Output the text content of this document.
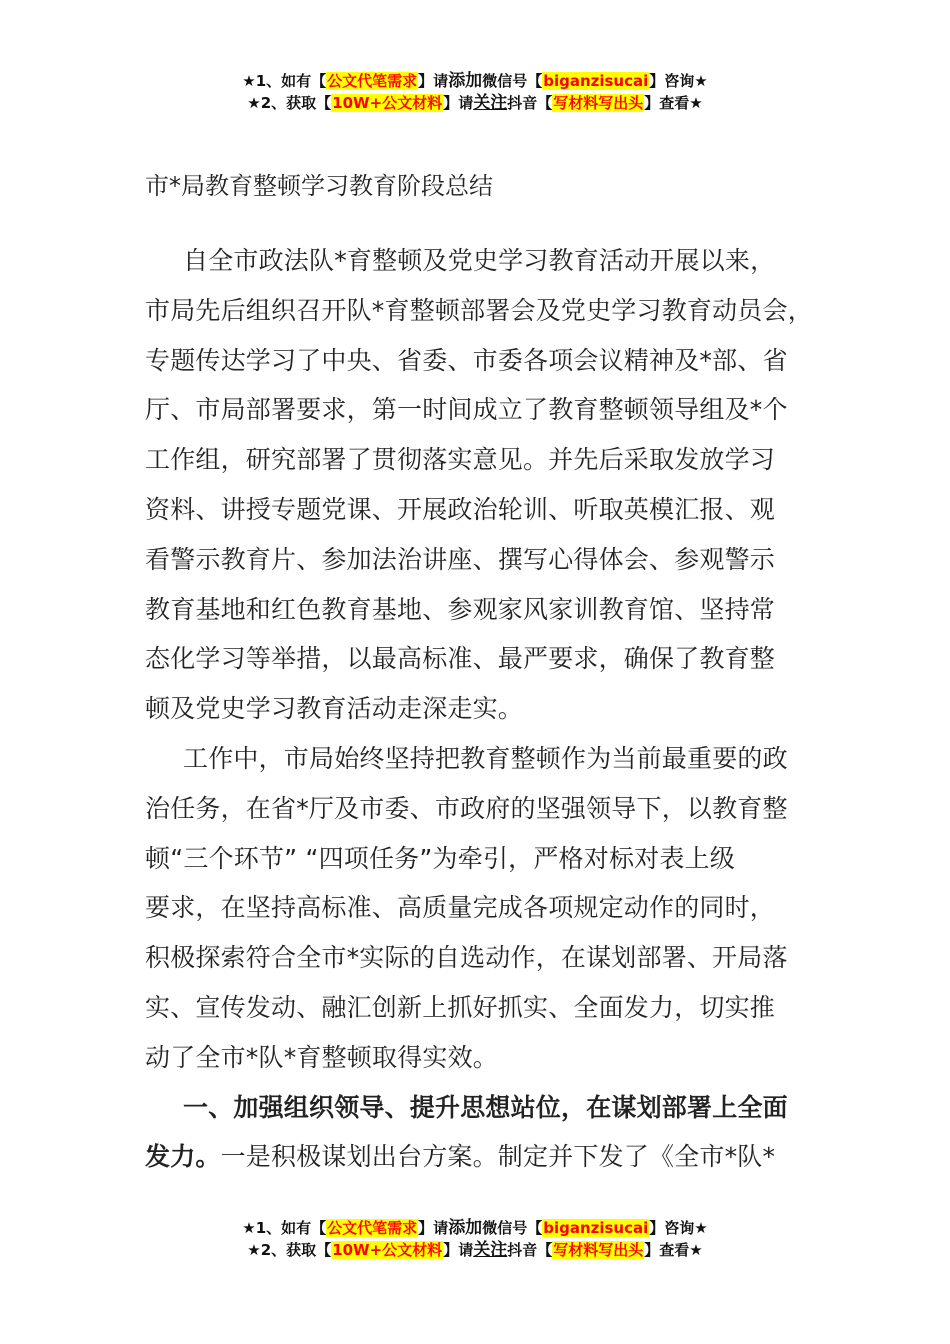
★1、如有【公文代笔需求】请添加微信号【biganzisucai】咨询★
★2、获取【10W+公文材料】请关注抖音【写材料写出头】查看★
市*局教育整顿学习教育阶段总结
自全市政法队*育整顿及党史学习教育活动开展以来，
市局先后组织召开队*育整顿部署会及党史学习教育动员会，
专题传达学习了中央、省委、市委各项会议精神及*部、省
厅、市局部署要求，第一时间成立了教育整顿领导组及*个
工作组，研究部署了贯彻落实意见。并先后采取发放学习
资料、讲授专题党课、开展政治轮训、听取英模汇报、观
看警示教育片、参加法治讲座、撰写心得体会、参观警示
教育基地和红色教育基地、参观家风家训教育馆、坚持常
态化学习等举措，以最高标准、最严要求，确保了教育整
顿及党史学习教育活动走深走实。
工作中，市局始终坚持把教育整顿作为当前最重要的政
治任务，在省*厅及市委、市政府的坚强领导下，以教育整
顿“三个环节” “四项任务”为牵引，严格对标对表上级
要求，在坚持高标准、高质量完成各项规定动作的同时，
积极探索符合全市*实际的自选动作，在谋划部署、开局落
实、宣传发动、融汇创新上抓好抓实、全面发力，切实推
动了全市*队*育整顿取得实效。
一、加强组织领导、提升思想站位，在谋划部署上全面
发力。一是积极谋划出台方案。制定并下发了《全市*队*
★1、如有【公文代笔需求】请添加微信号【biganzisucai】咨询★
★2、获取【10W+公文材料】请关注抖音【写材料写出头】查看★
